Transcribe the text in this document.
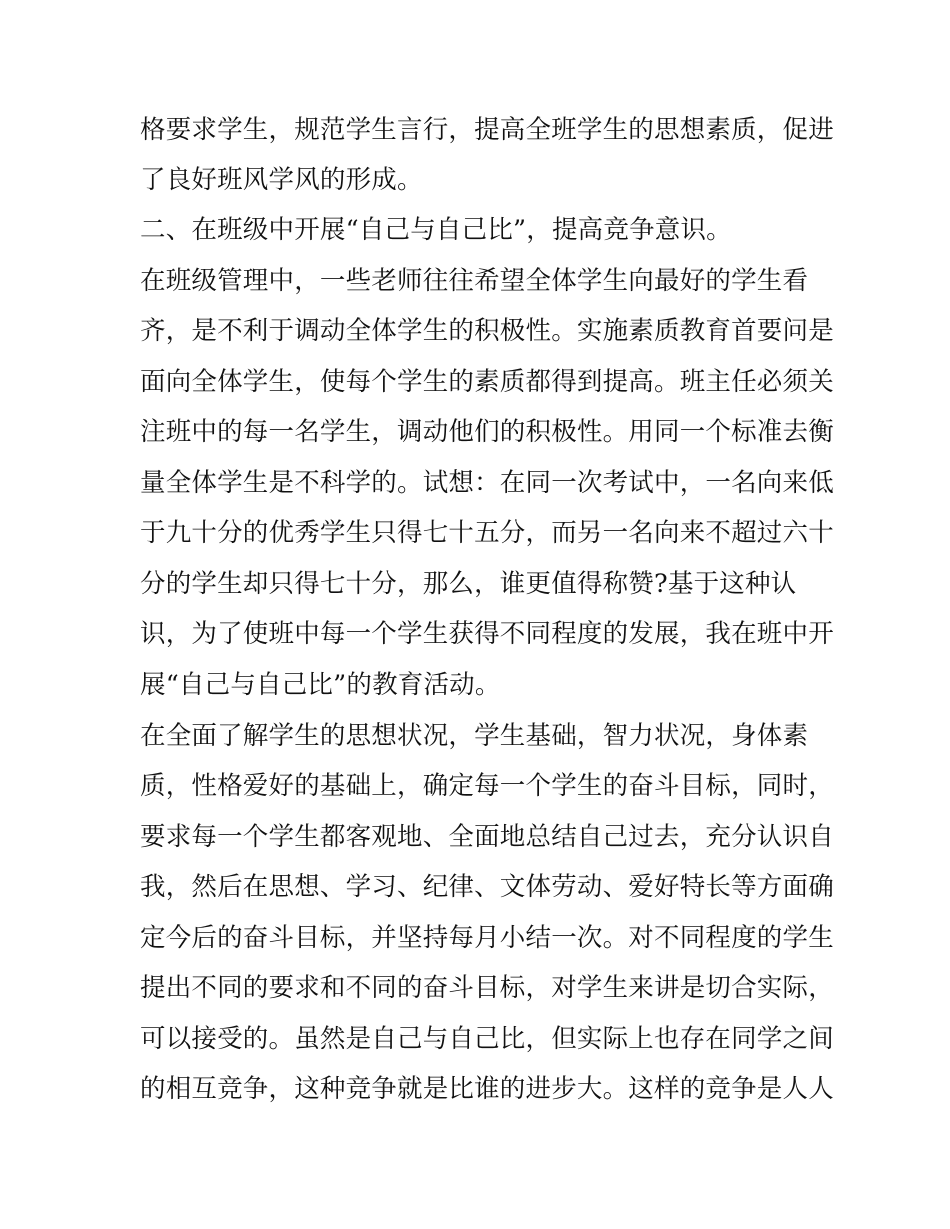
格要求学生，规范学生言行，提高全班学生的思想素质，促进
了良好班风学风的形成。
二、在班级中开展“自己与自己比”，提高竞争意识。
在班级管理中，一些老师往往希望全体学生向最好的学生看
齐，是不利于调动全体学生的积极性。实施素质教育首要问是
面向全体学生，使每个学生的素质都得到提高。班主任必须关
注班中的每一名学生，调动他们的积极性。用同一个标准去衡
量全体学生是不科学的。试想：在同一次考试中，一名向来低
于九十分的优秀学生只得七十五分，而另一名向来不超过六十
分的学生却只得七十分，那么，谁更值得称赞?基于这种认
识，为了使班中每一个学生获得不同程度的发展，我在班中开
展“自己与自己比”的教育活动。
在全面了解学生的思想状况，学生基础，智力状况，身体素
质，性格爱好的基础上，确定每一个学生的奋斗目标，同时，
要求每一个学生都客观地、全面地总结自己过去，充分认识自
我，然后在思想、学习、纪律、文体劳动、爱好特长等方面确
定今后的奋斗目标，并坚持每月小结一次。对不同程度的学生
提出不同的要求和不同的奋斗目标，对学生来讲是切合实际，
可以接受的。虽然是自己与自己比，但实际上也存在同学之间
的相互竞争，这种竞争就是比谁的进步大。这样的竞争是人人
